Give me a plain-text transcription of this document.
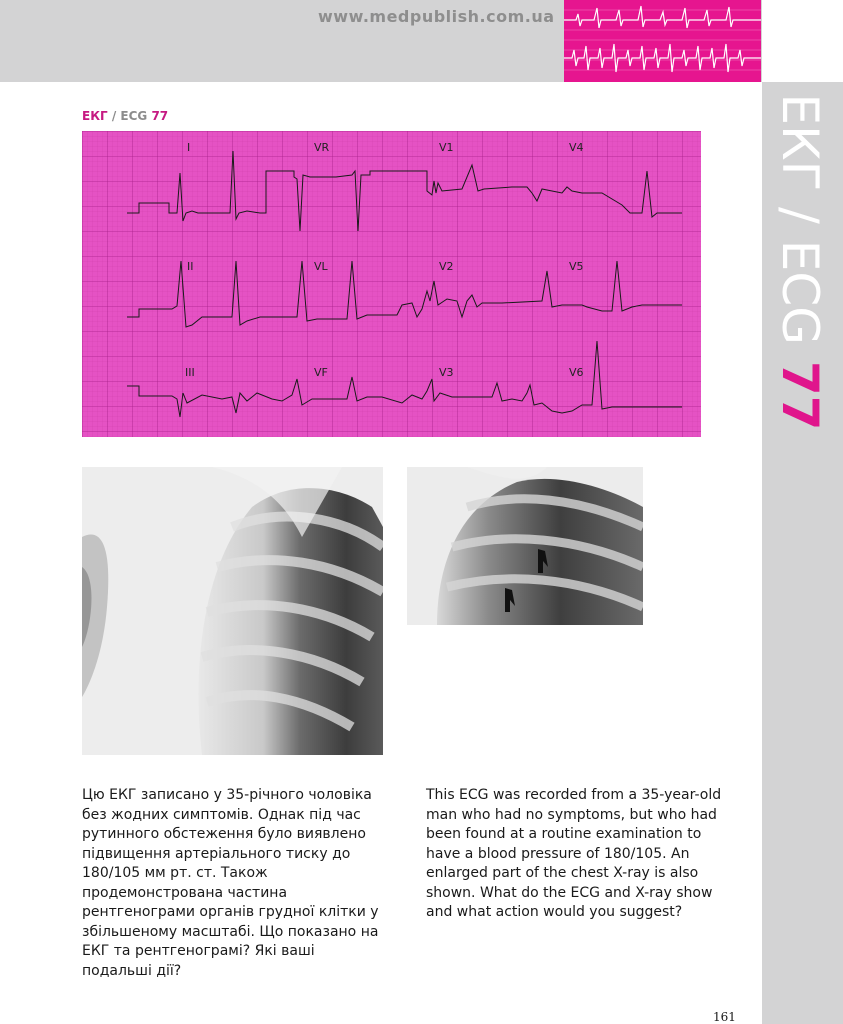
www.medpublish.com.ua
ЕКГ / ECG 77
ЕКГ / ECG 77
I	VR	V1	V4
II	VL	V2	V5
III	VF	V3	V6

Цю ЕКГ записано у 35-річного чоловіка без жодних симптомів. Однак під час рутинного обстеження було виявлено підвищення артеріального тиску до 180/105 мм рт. ст. Також продемонстрована частина рентгенограми органів грудної клітки у збільшеному масштабі. Що показано на ЕКГ та рентгенограмі? Які ваші подальші дії?

This ECG was recorded from a 35-year-old man who had no symptoms, but who had been found at a routine examination to have a blood pressure of 180/105. An enlarged part of the chest X-ray is also shown. What do the ECG and X-ray show and what action would you suggest?

161
